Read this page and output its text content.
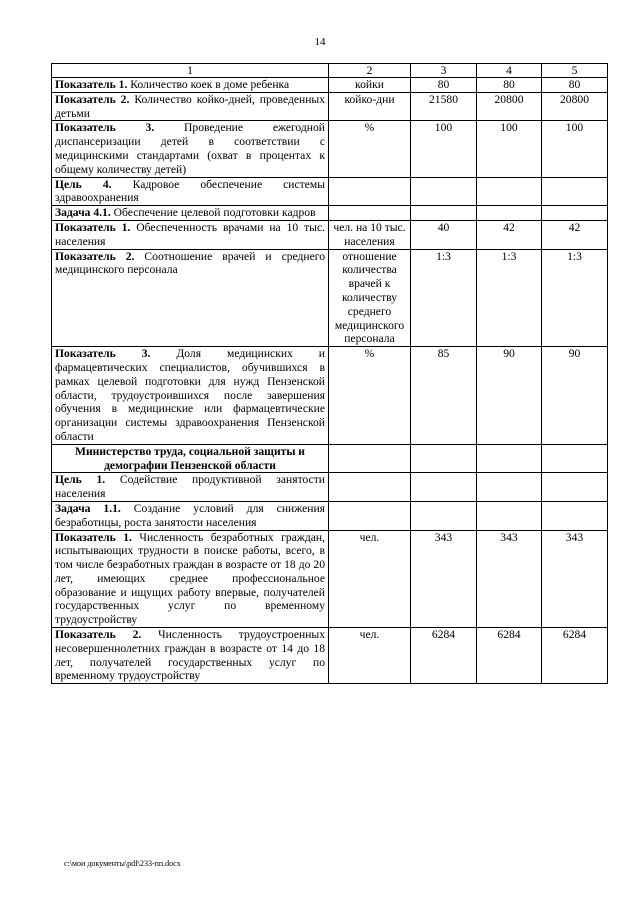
14
1	2	3	4	5
Показатель 1. Количество коек в доме ребенка	койки	80	80	80
Показатель 2. Количество койко-дней, проведенных детьми	койко-дни	21580	20800	20800
Показатель 3. Проведение ежегодной диспансеризации детей в соответствии с медицинскими стандартами (охват в процентах к общему количеству детей)	%	100	100	100
Цель 4. Кадровое обеспечение системы здравоохранения				
Задача 4.1. Обеспечение целевой подготовки кадров				
Показатель 1. Обеспеченность врачами на 10 тыс. населения	чел. на 10 тыс. населения	40	42	42
Показатель 2. Соотношение врачей и среднего медицинского персонала	отношение количества врачей к количеству среднего медицинского персонала	1:3	1:3	1:3
Показатель 3. Доля медицинских и фармацевтических специалистов, обучившихся в рамках целевой подготовки для нужд Пензенской области, трудоустроившихся после завершения обучения в медицинские или фармацевтические организации системы здравоохранения Пензенской области	%	85	90	90
Министерство труда, социальной защиты и демографии Пензенской области				
Цель 1. Содействие продуктивной занятости населения				
Задача 1.1. Создание условий для снижения безработицы, роста занятости населения				
Показатель 1. Численность безработных граждан, испытывающих трудности в поиске работы, всего, в том числе безработных граждан в возрасте от 18 до 20 лет, имеющих среднее профессиональное образование и ищущих работу впервые, получателей государственных услуг по временному трудоустройству	чел.	343	343	343
Показатель 2. Численность трудоустроенных несовершеннолетних граждан в возрасте от 14 до 18 лет, получателей государственных услуг по временному трудоустройству	чел.	6284	6284	6284
c:\мои документы\pdf\233-пп.docx
